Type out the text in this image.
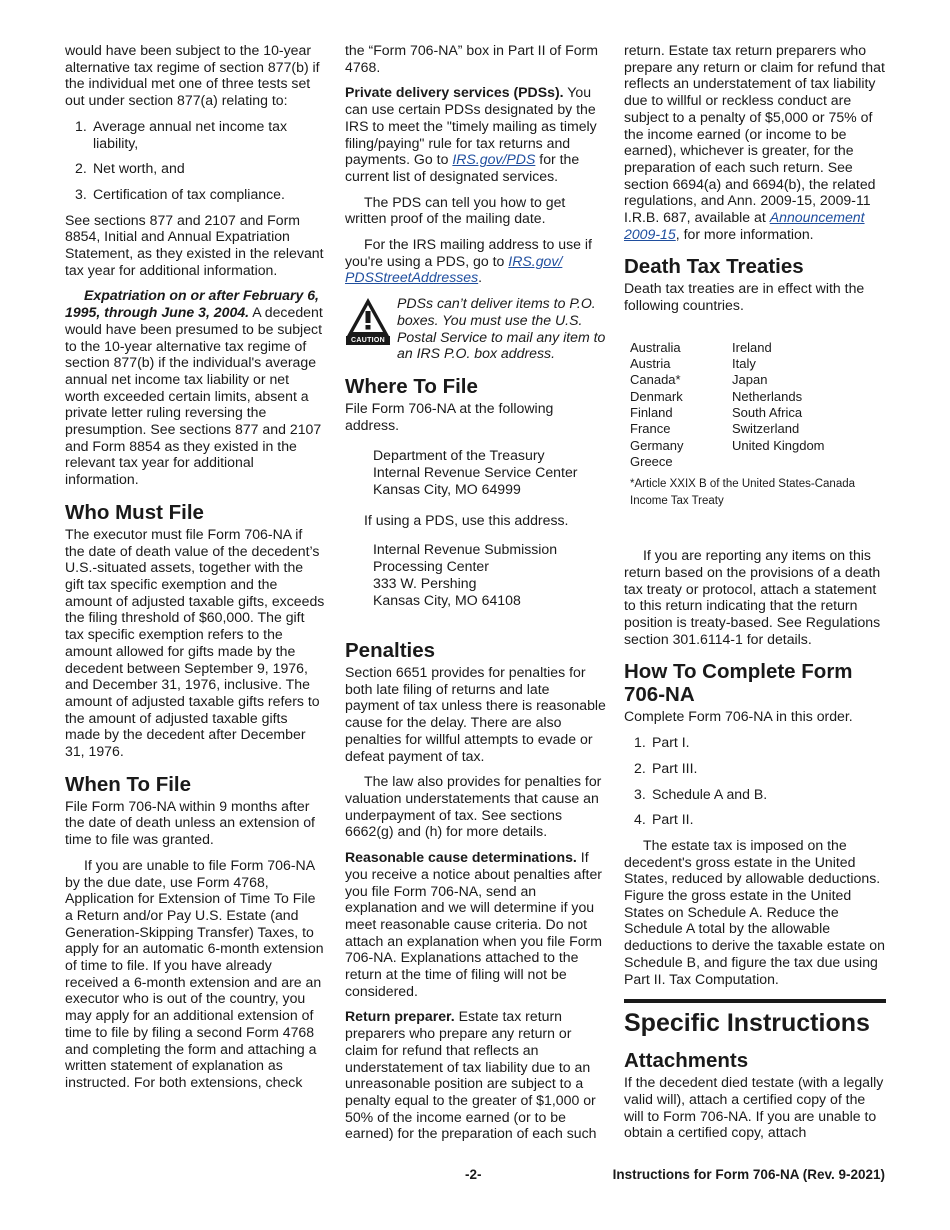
would have been subject to the 10-year alternative tax regime of section 877(b) if the individual met one of three tests set out under section 877(a) relating to:

1. Average annual net income tax liability,
2. Net worth, and
3. Certification of tax compliance.

See sections 877 and 2107 and Form 8854, Initial and Annual Expatriation Statement, as they existed in the relevant tax year for additional information.

Expatriation on or after February 6, 1995, through June 3, 2004. A decedent would have been presumed to be subject to the 10-year alternative tax regime of section 877(b) if the individual's average annual net income tax liability or net worth exceeded certain limits, absent a private letter ruling reversing the presumption. See sections 877 and 2107 and Form 8854 as they existed in the relevant tax year for additional information.

Who Must File

The executor must file Form 706-NA if the date of death value of the decedent’s U.S.-situated assets, together with the gift tax specific exemption and the amount of adjusted taxable gifts, exceeds the filing threshold of $60,000. The gift tax specific exemption refers to the amount allowed for gifts made by the decedent between September 9, 1976, and December 31, 1976, inclusive. The amount of adjusted taxable gifts refers to the amount of adjusted taxable gifts made by the decedent after December 31, 1976.

When To File

File Form 706-NA within 9 months after the date of death unless an extension of time to file was granted.

If you are unable to file Form 706-NA by the due date, use Form 4768, Application for Extension of Time To File a Return and/or Pay U.S. Estate (and Generation-Skipping Transfer) Taxes, to apply for an automatic 6-month extension of time to file. If you have already received a 6-month extension and are an executor who is out of the country, you may apply for an additional extension of time to file by filing a second Form 4768 and completing the form and attaching a written statement of explanation as instructed. For both extensions, check

the “Form 706-NA” box in Part II of Form 4768.

Private delivery services (PDSs). You can use certain PDSs designated by the IRS to meet the "timely mailing as timely filing/paying" rule for tax returns and payments. Go to IRS.gov/PDS for the current list of designated services.

The PDS can tell you how to get written proof of the mailing date.

For the IRS mailing address to use if you're using a PDS, go to IRS.gov/ PDSStreetAddresses.

CAUTION
PDSs can’t deliver items to P.O. boxes. You must use the U.S. Postal Service to mail any item to an IRS P.O. box address.
Where To File

File Form 706-NA at the following address.

Department of the Treasury
Internal Revenue Service Center
Kansas City, MO 64999

If using a PDS, use this address.

Internal Revenue Submission
Processing Center
333 W. Pershing
Kansas City, MO 64108
Penalties

Section 6651 provides for penalties for both late filing of returns and late payment of tax unless there is reasonable cause for the delay. There are also penalties for willful attempts to evade or defeat payment of tax.

The law also provides for penalties for valuation understatements that cause an underpayment of tax. See sections 6662(g) and (h) for more details.

Reasonable cause determinations. If you receive a notice about penalties after you file Form 706-NA, send an explanation and we will determine if you meet reasonable cause criteria. Do not attach an explanation when you file Form 706-NA. Explanations attached to the return at the time of filing will not be considered.

Return preparer. Estate tax return preparers who prepare any return or claim for refund that reflects an understatement of tax liability due to an unreasonable position are subject to a penalty equal to the greater of $1,000 or 50% of the income earned (or to be earned) for the preparation of each such

return. Estate tax return preparers who prepare any return or claim for refund that reflects an understatement of tax liability due to willful or reckless conduct are subject to a penalty of $5,000 or 75% of the income earned (or income to be earned), whichever is greater, for the preparation of each such return. See section 6694(a) and 6694(b), the related regulations, and Ann. 2009-15, 2009-11 I.R.B. 687, available at Announcement 2009-15, for more information.

Death Tax Treaties

Death tax treaties are in effect with the following countries.

Australia	Ireland
Austria	Italy
Canada*	Japan
Denmark	Netherlands
Finland	South Africa
France	Switzerland
Germany	United Kingdom
Greece	
*Article XXIX B of the United States-Canada Income Tax Treaty

If you are reporting any items on this return based on the provisions of a death tax treaty or protocol, attach a statement to this return indicating that the return position is treaty-based. See Regulations section 301.6114-1 for details.

How To Complete Form 706-NA

Complete Form 706-NA in this order.

1. Part I.
2. Part III.
3. Schedule A and B.
4. Part II.

The estate tax is imposed on the decedent's gross estate in the United States, reduced by allowable deductions. Figure the gross estate in the United States on Schedule A. Reduce the Schedule A total by the allowable deductions to derive the taxable estate on Schedule B, and figure the tax due using Part II. Tax Computation.

Specific Instructions
Attachments

If the decedent died testate (with a legally valid will), attach a certified copy of the will to Form 706-NA. If you are unable to obtain a certified copy, attach

-2-	Instructions for Form 706-NA (Rev. 9-2021)
